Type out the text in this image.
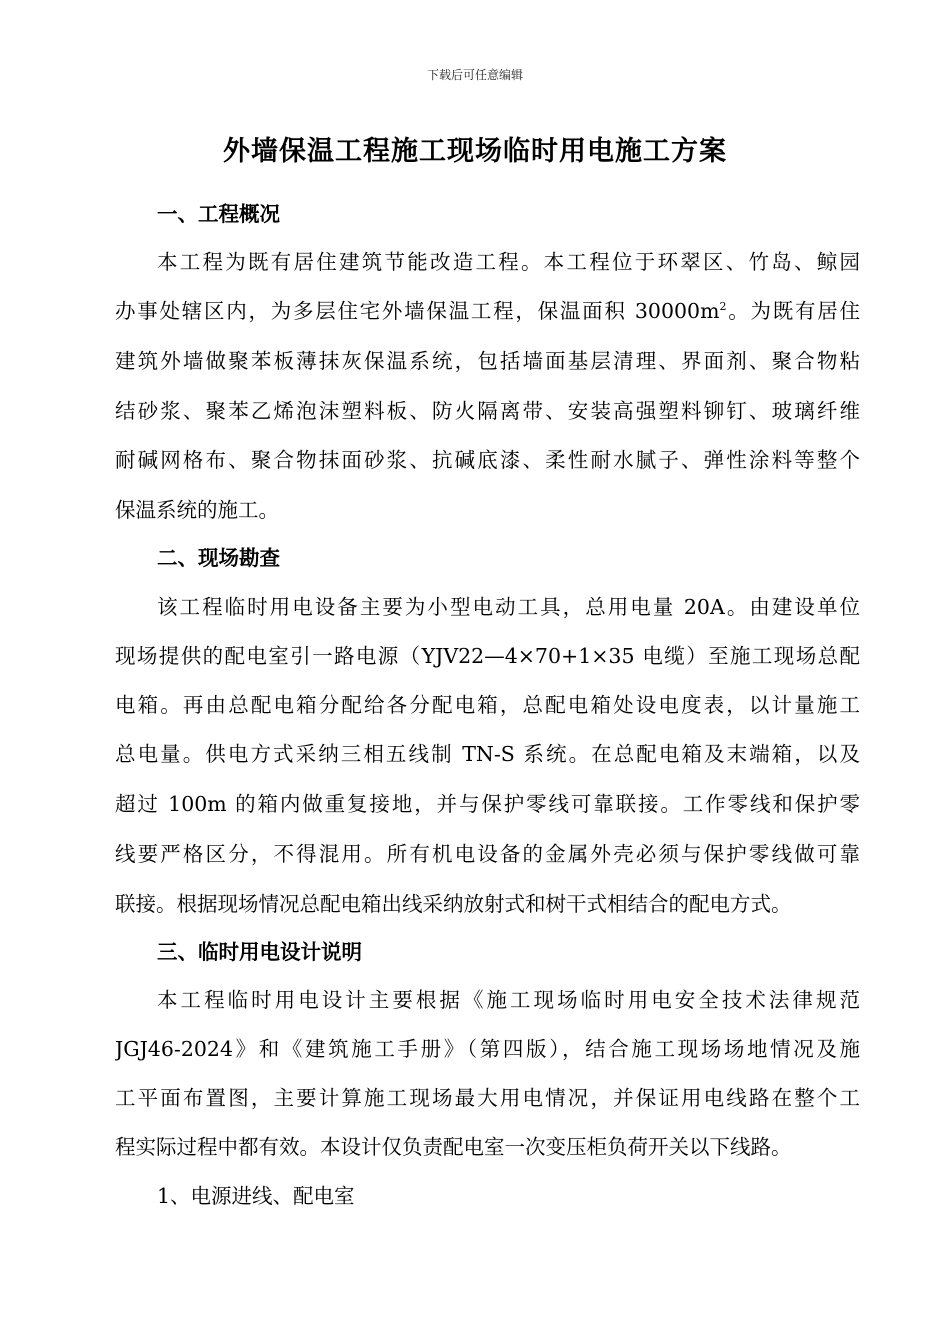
下载后可任意编辑
外墙保温工程施工现场临时用电施工方案
一、工程概况
本工程为既有居住建筑节能改造工程。本工程位于环翠区、竹岛、鲸园
办事处辖区内，为多层住宅外墙保温工程，保温面积 $30000m^2$。为既有居住
建筑外墙做聚苯板薄抹灰保温系统，包括墙面基层清理、界面剂、聚合物粘
结砂浆、聚苯乙烯泡沫塑料板、防火隔离带、安装高强塑料铆钉、玻璃纤维
耐碱网格布、聚合物抹面砂浆、抗碱底漆、柔性耐水腻子、弹性涂料等整个
保温系统的施工。
二、现场勘查
该工程临时用电设备主要为小型电动工具，总用电量 20A。由建设单位
现场提供的配电室引一路电源（YJV22—4×70+1×35 电缆）至施工现场总配
电箱。再由总配电箱分配给各分配电箱，总配电箱处设电度表，以计量施工
总电量。供电方式采纳三相五线制 TN-S 系统。在总配电箱及末端箱，以及
超过 100m 的箱内做重复接地，并与保护零线可靠联接。工作零线和保护零
线要严格区分，不得混用。所有机电设备的金属外壳必须与保护零线做可靠
联接。根据现场情况总配电箱出线采纳放射式和树干式相结合的配电方式。
三、临时用电设计说明
本工程临时用电设计主要根据《施工现场临时用电安全技术法律规范
JGJ46-2024》和《建筑施工手册》（第四版），结合施工现场场地情况及施
工平面布置图，主要计算施工现场最大用电情况，并保证用电线路在整个工
程实际过程中都有效。本设计仅负责配电室一次变压柜负荷开关以下线路。
1、电源进线、配电室
